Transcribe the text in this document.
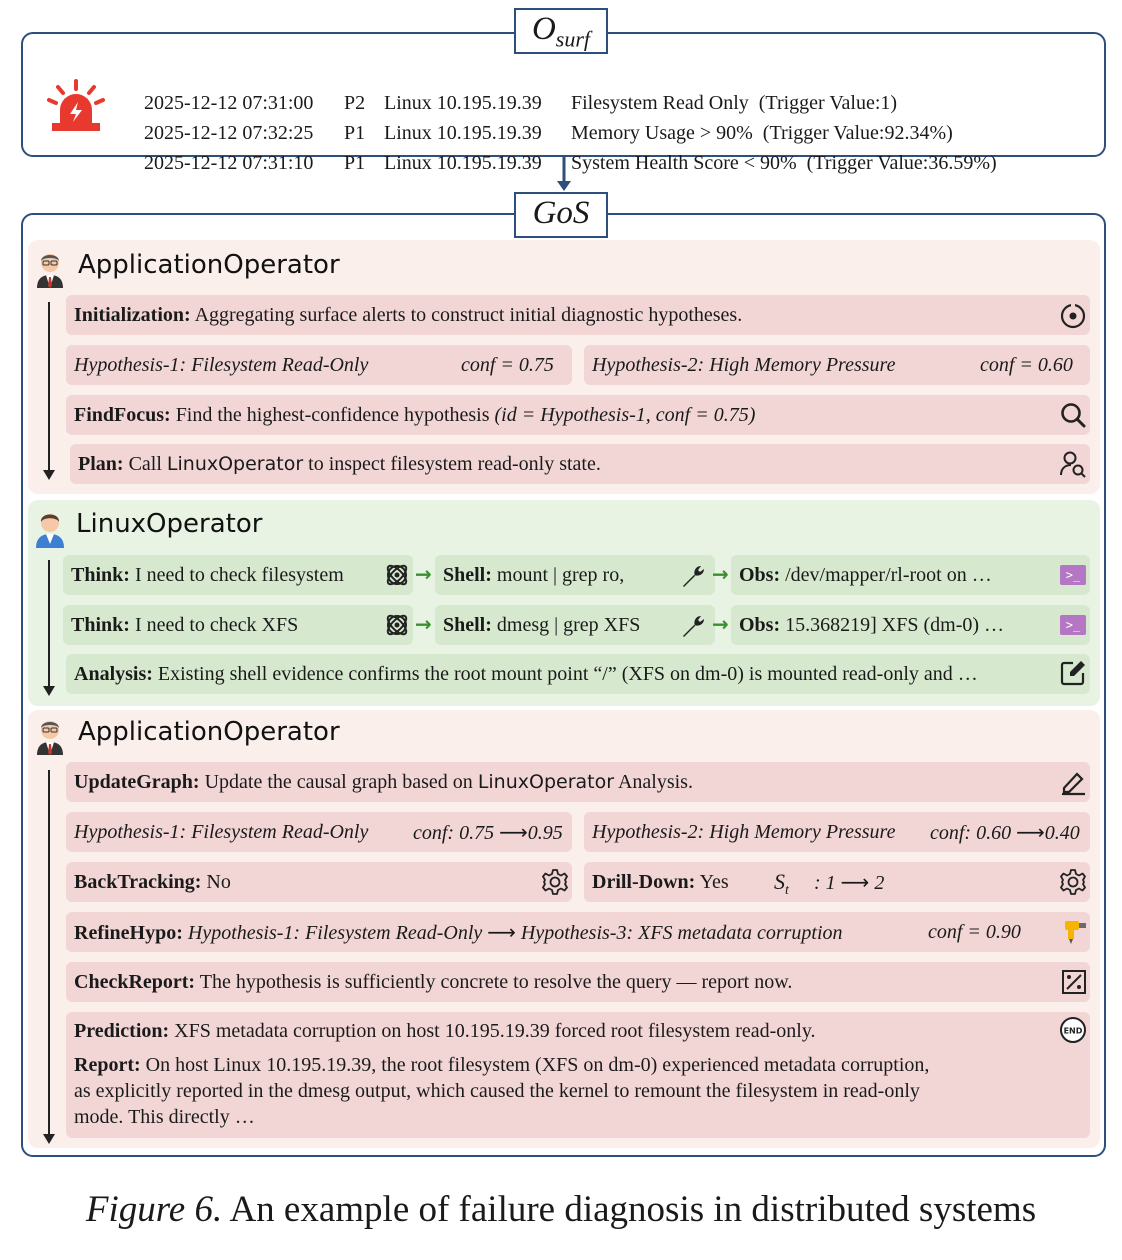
$O_{surf}$

2025-12-12 07:31:00 P2 Linux 10.195.19.39 Filesystem Read Only  (Trigger Value:1)

2025-12-12 07:32:25 P1 Linux 10.195.19.39 Memory Usage > 90%  (Trigger Value:92.34%)

2025-12-12 07:31:10 P1 Linux 10.195.19.39 System Health Score < 90%  (Trigger Value:36.59%)

GoS
ApplicationOperator
Initialization: Aggregating surface alerts to construct initial diagnostic hypotheses.
Hypothesis-1: Filesystem Read-Only	conf = 0.75	Hypothesis-2: High Memory Pressure	conf = 0.60
FindFocus: Find the highest-confidence hypothesis (id = Hypothesis-1, conf = 0.75)
Plan: Call LinuxOperator to inspect filesystem read-only state.
LinuxOperator
Think: I need to check filesystem	→ Shell: mount | grep ro,	→ Obs: /dev/mapper/rl-root on …	>_
Think: I need to check XFS	→ Shell: dmesg | grep XFS	→ Obs: 15.368219] XFS (dm-0) …	>_
Analysis: Existing shell evidence confirms the root mount point “/” (XFS on dm-0) is mounted read-only and …
ApplicationOperator
UpdateGraph: Update the causal graph based on LinuxOperator Analysis.
Hypothesis-1: Filesystem Read-Only conf: 0.75 ⟶0.95	Hypothesis-2: High Memory Pressure conf: 0.60 ⟶0.40
BackTracking: No	Drill-Down: Yes $S_t$ : 1 ⟶ 2
RefineHypo: Hypothesis-1: Filesystem Read-Only ⟶ Hypothesis-3: XFS metadata corruption	conf = 0.90
CheckReport: The hypothesis is sufficiently concrete to resolve the query — report now.
Prediction: XFS metadata corruption on host 10.195.19.39 forced root filesystem read-only.
Report: On host Linux 10.195.19.39, the root filesystem (XFS on dm-0) experienced metadata corruption,
as explicitly reported in the dmesg output, which caused the kernel to remount the filesystem in read-only
mode. This directly …
END
Figure 6. An example of failure diagnosis in distributed systems
